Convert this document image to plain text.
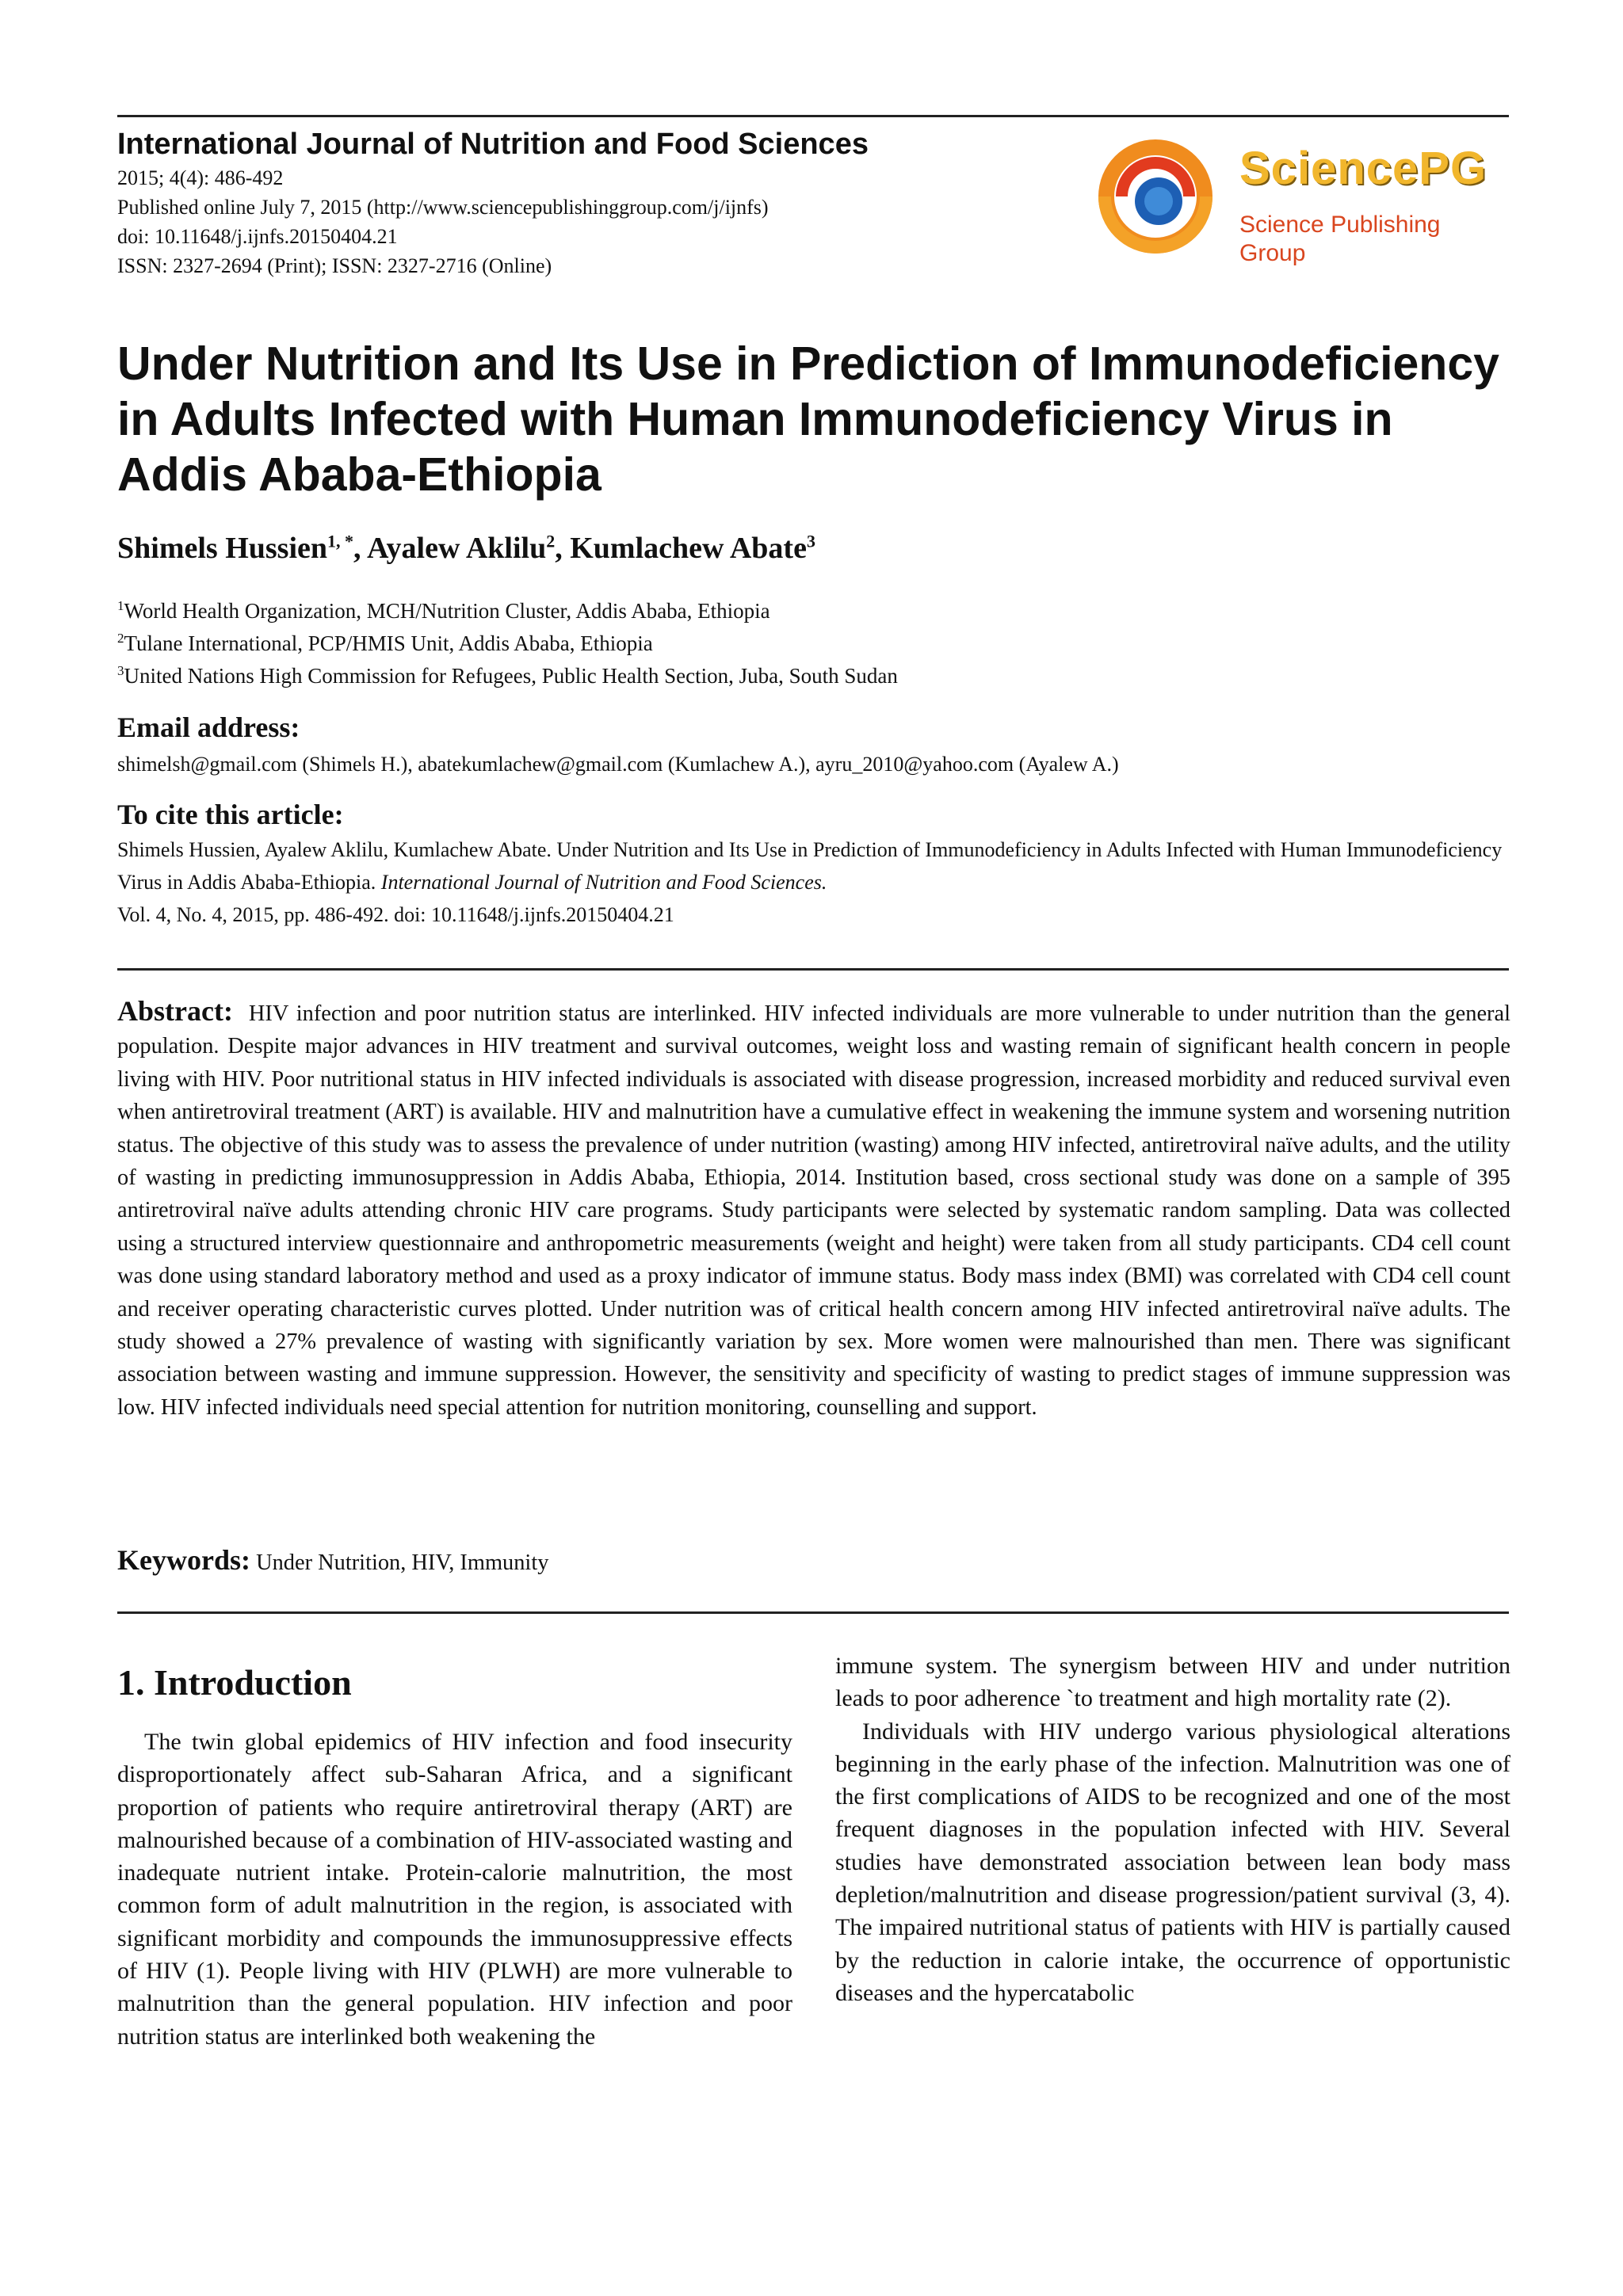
International Journal of Nutrition and Food Sciences
2015; 4(4): 486-492
Published online July 7, 2015 (http://www.sciencepublishinggroup.com/j/ijnfs)
doi: 10.11648/j.ijnfs.20150404.21
ISSN: 2327-2694 (Print); ISSN: 2327-2716 (Online)
SciencePG
Science Publishing Group
Under Nutrition and Its Use in Prediction of Immunodeficiency in Adults Infected with Human Immunodeficiency Virus in Addis Ababa-Ethiopia
Shimels Hussien$^{1, *}$, Ayalew Aklilu$^2$, Kumlachew Abate$^3$
$^1$World Health Organization, MCH/Nutrition Cluster, Addis Ababa, Ethiopia
$^2$Tulane International, PCP/HMIS Unit, Addis Ababa, Ethiopia
$^3$United Nations High Commission for Refugees, Public Health Section, Juba, South Sudan
Email address:
shimelsh@gmail.com (Shimels H.), abatekumlachew@gmail.com (Kumlachew A.), ayru_2010@yahoo.com (Ayalew A.)
To cite this article:
Shimels Hussien, Ayalew Aklilu, Kumlachew Abate. Under Nutrition and Its Use in Prediction of Immunodeficiency in Adults Infected with Human Immunodeficiency Virus in Addis Ababa-Ethiopia. International Journal of Nutrition and Food Sciences.
Vol. 4, No. 4, 2015, pp. 486-492. doi: 10.11648/j.ijnfs.20150404.21

Abstract: HIV infection and poor nutrition status are interlinked. HIV infected individuals are more vulnerable to under nutrition than the general population. Despite major advances in HIV treatment and survival outcomes, weight loss and wasting remain of significant health concern in people living with HIV. Poor nutritional status in HIV infected individuals is associated with disease progression, increased morbidity and reduced survival even when antiretroviral treatment (ART) is available. HIV and malnutrition have a cumulative effect in weakening the immune system and worsening nutrition status. The objective of this study was to assess the prevalence of under nutrition (wasting) among HIV infected, antiretroviral naïve adults, and the utility of wasting in predicting immunosuppression in Addis Ababa, Ethiopia, 2014. Institution based, cross sectional study was done on a sample of 395 antiretroviral naïve adults attending chronic HIV care programs. Study participants were selected by systematic random sampling. Data was collected using a structured interview questionnaire and anthropometric measurements (weight and height) were taken from all study participants. CD4 cell count was done using standard laboratory method and used as a proxy indicator of immune status. Body mass index (BMI) was correlated with CD4 cell count and receiver operating characteristic curves plotted. Under nutrition was of critical health concern among HIV infected antiretroviral naïve adults. The study showed a 27% prevalence of wasting with significantly variation by sex. More women were malnourished than men. There was significant association between wasting and immune suppression. However, the sensitivity and specificity of wasting to predict stages of immune suppression was low. HIV infected individuals need special attention for nutrition monitoring, counselling and support.

Keywords: Under Nutrition, HIV, Immunity

1. Introduction

The twin global epidemics of HIV infection and food insecurity disproportionately affect sub-Saharan Africa, and a significant proportion of patients who require antiretroviral therapy (ART) are malnourished because of a combination of HIV-associated wasting and inadequate nutrient intake. Protein-calorie malnutrition, the most common form of adult malnutrition in the region, is associated with significant morbidity and compounds the immunosuppressive effects of HIV (1). People living with HIV (PLWH) are more vulnerable to malnutrition than the general population. HIV infection and poor nutrition status are interlinked both weakening the

immune system. The synergism between HIV and under nutrition leads to poor adherence `to treatment and high mortality rate (2).

Individuals with HIV undergo various physiological alterations beginning in the early phase of the infection. Malnutrition was one of the first complications of AIDS to be recognized and one of the most frequent diagnoses in the population infected with HIV. Several studies have demonstrated association between lean body mass depletion/malnutrition and disease progression/patient survival (3, 4). The impaired nutritional status of patients with HIV is partially caused by the reduction in calorie intake, the occurrence of opportunistic diseases and the hypercatabolic
